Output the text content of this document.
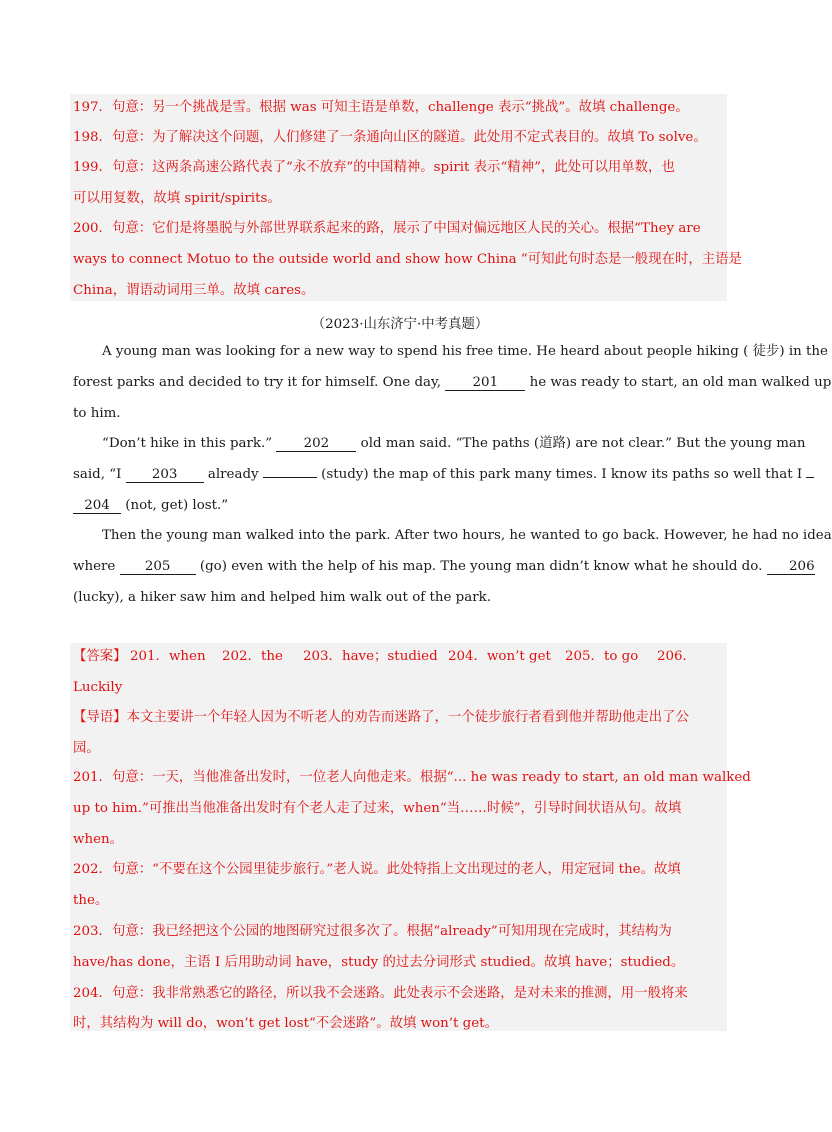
197．句意：另一个挑战是雪。根据 was 可知主语是单数，challenge 表示“挑战”。故填 challenge。
198．句意：为了解决这个问题，人们修建了一条通向山区的隧道。此处用不定式表目的。故填 To solve。
199．句意：这两条高速公路代表了“永不放弃”的中国精神。spirit 表示“精神”，此处可以用单数，也
可以用复数，故填 spirit/spirits。
200．句意：它们是将墨脱与外部世界联系起来的路，展示了中国对偏远地区人民的关心。根据“They are
ways to connect Motuo to the outside world and show how China ”可知此句时态是一般现在时，主语是
China，谓语动词用三单。故填 cares。
（2023·山东济宁·中考真题）
A young man was looking for a new way to spend his free time. He heard about people hiking ( 徒步) in the
forest parks and decided to try it for himself. One day, 201 he was ready to start, an old man walked up
to him.
“Don’t hike in this park.” 202 old man said. “The paths (道路) are not clear.” But the young man
said, “I 203 already	(study) the map of this park many times. I know its paths so well that I
204 (not, get) lost.”
Then the young man walked into the park. After two hours, he wanted to go back. However, he had no idea
where 205 (go) even with the help of his map. The young man didn’t know what he should do. 206
(lucky), a hiker saw him and helped him walk out of the park.
【答案】 201．when 202．the 203．have；studied 204．won’t get 205．to go 206．
Luckily
【导语】本文主要讲一个年轻人因为不听老人的劝告而迷路了，一个徒步旅行者看到他并帮助他走出了公
园。
201．句意：一天，当他准备出发时，一位老人向他走来。根据“... he was ready to start, an old man walked
up to him.”可推出当他准备出发时有个老人走了过来，when“当……时候”，引导时间状语从句。故填
when。
202．句意：“不要在这个公园里徒步旅行。”老人说。此处特指上文出现过的老人，用定冠词 the。故填
the。
203．句意：我已经把这个公园的地图研究过很多次了。根据“already”可知用现在完成时，其结构为
have/has done，主语 I 后用助动词 have，study 的过去分词形式 studied。故填 have；studied。
204．句意：我非常熟悉它的路径，所以我不会迷路。此处表示不会迷路，是对未来的推测，用一般将来
时，其结构为 will do，won’t get lost“不会迷路”。故填 won’t get。
